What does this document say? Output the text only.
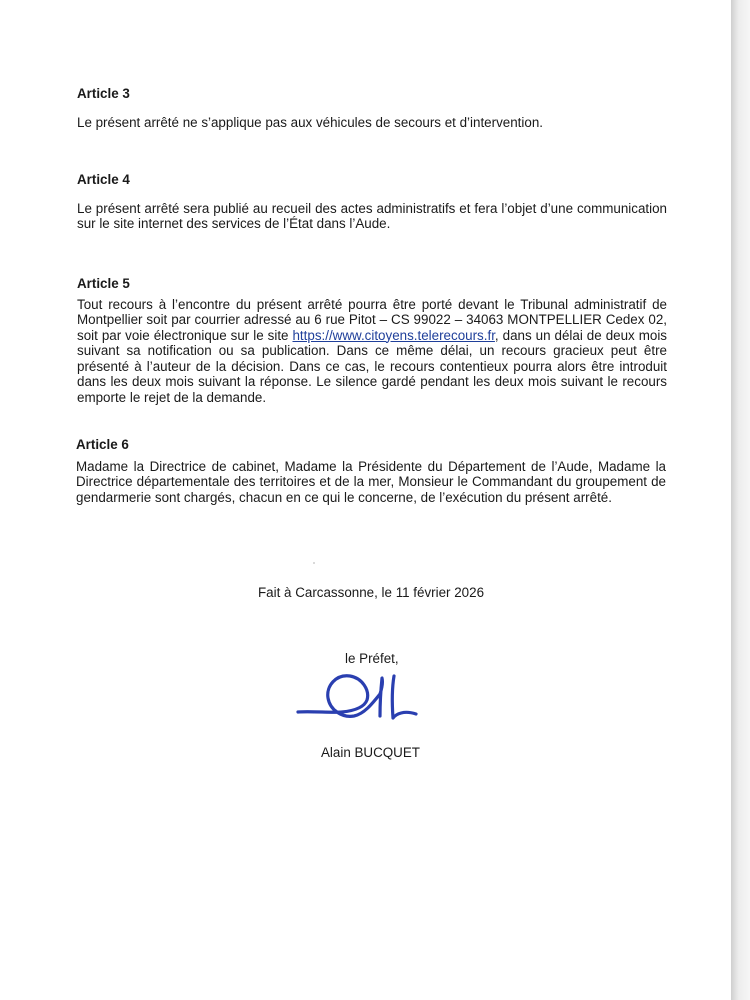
Article 3

Le présent arrêté ne s’applique pas aux véhicules de secours et d’intervention.

Article 4

Le présent arrêté sera publié au recueil des actes administratifs et fera l’objet d’une communication sur le site internet des services de l’État dans l’Aude.

Article 5

Tout recours à l’encontre du présent arrêté pourra être porté devant le Tribunal administratif de Montpellier soit par courrier adressé au 6 rue Pitot – CS 99022 – 34063 MONTPELLIER Cedex 02, soit par voie électronique sur le site https://www.citoyens.telerecours.fr, dans un délai de deux mois suivant sa notification ou sa publication. Dans ce même délai, un recours gracieux peut être présenté à l’auteur de la décision. Dans ce cas, le recours contentieux pourra alors être introduit dans les deux mois suivant la réponse. Le silence gardé pendant les deux mois suivant le recours emporte le rejet de la demande.

Article 6

Madame la Directrice de cabinet, Madame la Présidente du Département de l’Aude, Madame la Directrice départementale des territoires et de la mer, Monsieur le Commandant du groupement de gendarmerie sont chargés, chacun en ce qui le concerne, de l’exécution du présent arrêté.

Fait à Carcassonne, le 11 février 2026
le Préfet,
Alain BUCQUET
